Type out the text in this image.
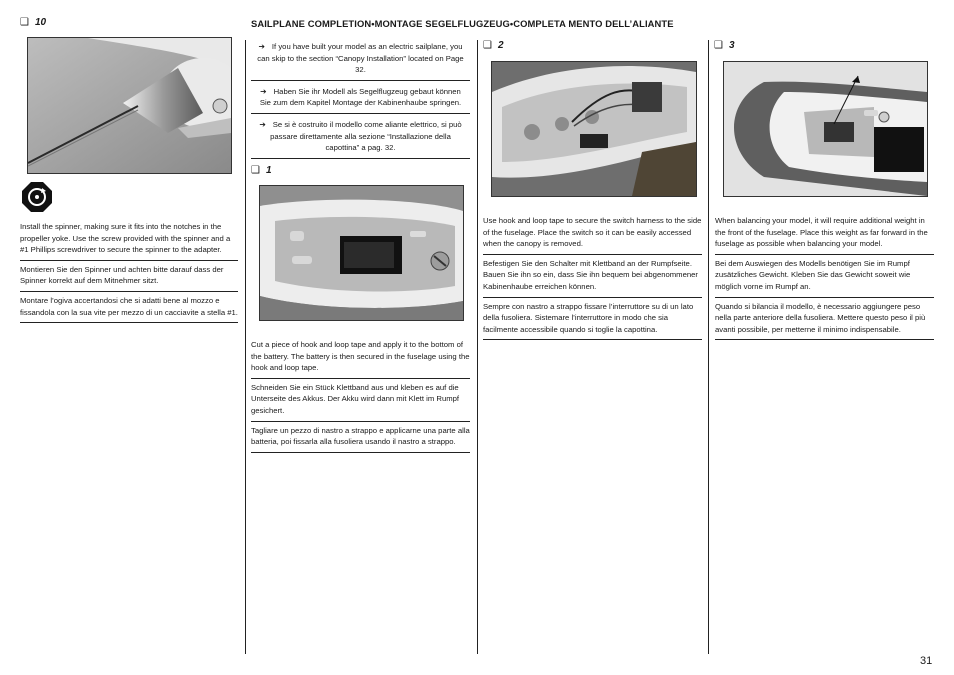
SAILPLANE COMPLETION•MONTAGE SEGELFLUGZEUG•COMPLETA MENTO DELL’ALIANTE
❑ 10

Install the spinner, making sure it fits into the notches in the propeller yoke. Use the screw provided with the spinner and a #1 Phillips screwdriver to secure the spinner to the adapter.

Montieren Sie den Spinner und achten bitte darauf dass der Spinner korrekt auf dem Mitnehmer sitzt.

Montare l’ogiva accertandosi che si adatti bene al mozzo e fissandola con la sua vite per mezzo di un cacciavite a stella #1.

➔ If you have built your model as an electric sailplane, you can skip to the section “Canopy Installation” located on Page 32.

➔ Haben Sie ihr Modell als Segelflugzeug gebaut können Sie zum dem Kapitel Montage der Kabinenhaube springen.

➔ Se si è costruito il modello come aliante elettrico, si può passare direttamente alla sezione “Installazione della capottina” a pag. 32.

❑ 1

Cut a piece of hook and loop tape and apply it to the bottom of the battery. The battery is then secured in the fuselage using the hook and loop tape.

Schneiden Sie ein Stück Klettband aus und kleben es auf die Unterseite des Akkus. Der Akku wird dann mit Klett im Rumpf gesichert.

Tagliare un pezzo di nastro a strappo e applicarne una parte alla batteria, poi fissarla alla fusoliera usando il nastro a strappo.

❑ 2

Use hook and loop tape to secure the switch harness to the side of the fuselage. Place the switch so it can be easily accessed when the canopy is removed.

Befestigen Sie den Schalter mit Klettband an der Rumpfseite. Bauen Sie ihn so ein, dass Sie ihn bequem bei abgenommener Kabinenhaube erreichen können.

Sempre con nastro a strappo fissare l’interruttore su di un lato della fusoliera. Sistemare l’interruttore in modo che sia facilmente accessibile quando si toglie la capottina.

❑ 3

When balancing your model, it will require additional weight in the front of the fuselage. Place this weight as far forward in the fuselage as possible when balancing your model.

Bei dem Auswiegen des Modells benötigen Sie im Rumpf zusätzliches Gewicht. Kleben Sie das Gewicht soweit wie möglich vorne im Rumpf an.

Quando si bilancia il modello, è necessario aggiungere peso nella parte anteriore della fusoliera. Mettere questo peso il più avanti possibile, per metterne il minimo indispensabile.

31
